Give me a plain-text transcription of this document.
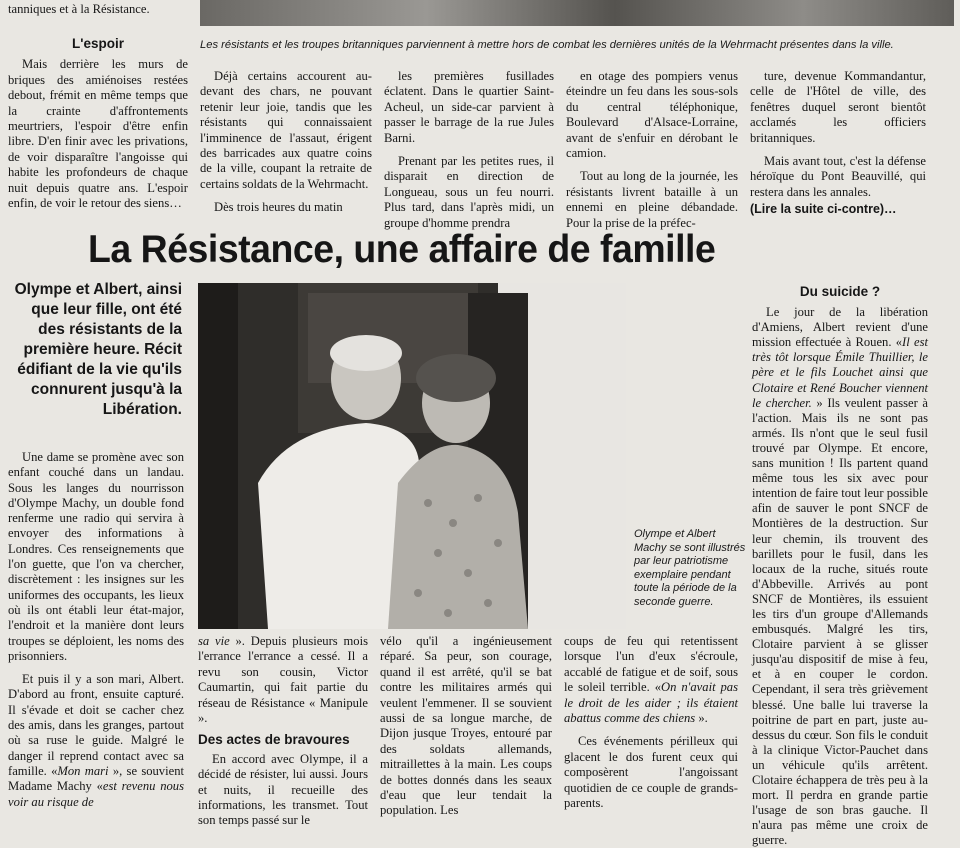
tanniques et à la Résistance.

Les résistants et les troupes britanniques parviennent à mettre hors de combat les dernières unités de la Wehrmacht présentes dans la ville.
L'espoir

Mais derrière les murs de briques des amiénoises restées debout, frémit en même temps que la crainte d'affrontements meurtriers, l'espoir d'être enfin libre. D'en finir avec les privations, de voir disparaître l'angoisse qui habite les profondeurs de chaque nuit depuis quatre ans. L'espoir enfin, de voir le retour des siens…

Déjà certains accourent au-devant des chars, ne pouvant retenir leur joie, tandis que les résistants qui connaissaient l'imminence de l'assaut, érigent des barricades aux quatre coins de la ville, coupant la retraite de certains soldats de la Wehrmacht.

Dès trois heures du matin

les premières fusillades éclatent. Dans le quartier Saint-Acheul, un side-car parvient à passer le barrage de la rue Jules Barni.

Prenant par les petites rues, il disparait en direction de Longueau, sous un feu nourri. Plus tard, dans l'après midi, un groupe d'homme prendra

en otage des pompiers venus éteindre un feu dans les sous-sols du central téléphonique, Boulevard d'Alsace-Lorraine, avant de s'enfuir en dérobant le camion.

Tout au long de la journée, les résistants livrent bataille à un ennemi en pleine débandade. Pour la prise de la préfec-

ture, devenue Kommandantur, celle de l'Hôtel de ville, des fenêtres duquel seront bientôt acclamés les officiers britanniques.

Mais avant tout, c'est la défense héroïque du Pont Beauvillé, qui restera dans les annales.

(Lire la suite ci-contre)…
La Résistance, une affaire de famille
Olympe et Albert, ainsi que leur fille, ont été des résistants de la première heure. Récit édifiant de la vie qu'ils connurent jusqu'à la Libération.

Une dame se promène avec son enfant couché dans un landau. Sous les langes du nourrisson d'Olympe Machy, un double fond renferme une radio qui servira à envoyer des informations à Londres. Ces renseignements que l'on guette, que l'on va chercher, discrètement : les insignes sur les uniformes des occupants, les lieux où ils ont établi leur état-major, l'endroit et la manière dont leurs troupes se déploient, les noms des prisonniers.

Et puis il y a son mari, Albert. D'abord au front, ensuite capturé. Il s'évade et doit se cacher chez des amis, dans les granges, partout où sa ruse le guide. Malgré le danger il reprend contact avec sa famille. «Mon mari », se souvient Madame Machy «est revenu nous voir au risque de

Olympe et Albert Machy se sont illustrés par leur patriotisme exemplaire pendant toute la période de la seconde guerre.

sa vie ». Depuis plusieurs mois l'errance l'errance a cessé. Il a revu son cousin, Victor Caumartin, qui fait partie du réseau de Résistance « Manipule ».

Des actes de bravoures

En accord avec Olympe, il a décidé de résister, lui aussi. Jours et nuits, il recueille des informations, les transmet. Tout son temps passé sur le

vélo qu'il a ingénieusement réparé. Sa peur, son courage, quand il est arrêté, qu'il se bat contre les militaires armés qui veulent l'emmener. Il se souvient aussi de sa longue marche, de Dijon jusque Troyes, entouré par des soldats allemands, mitraillettes à la main. Les coups de bottes donnés dans les seaux d'eau que leur tendait la population. Les

coups de feu qui retentissent lorsque l'un d'eux s'écroule, accablé de fatigue et de soif, sous le soleil terrible. «On n'avait pas le droit de les aider ; ils étaient abattus comme des chiens ».

Ces événements périlleux qui glacent le dos furent ceux qui composèrent l'angoissant quotidien de ce couple de grands-parents.

Du suicide ?

Le jour de la libération d'Amiens, Albert revient d'une mission effectuée à Rouen. «Il est très tôt lorsque Émile Thuillier, le père et le fils Louchet ainsi que Clotaire et René Boucher viennent le chercher. » Ils veulent passer à l'action. Mais ils ne sont pas armés. Ils n'ont que le seul fusil trouvé par Olympe. Et encore, sans munition ! Ils partent quand même tous les six avec pour intention de faire tout leur possible afin de sauver le pont SNCF de Montières de la destruction. Sur leur chemin, ils trouvent des barillets pour le fusil, dans les locaux de la ruche, situés route d'Abbeville. Arrivés au pont SNCF de Montières, ils essuient les tirs d'un groupe d'Allemands embusqués. Malgré les tirs, Clotaire parvient à se glisser jusqu'au dispositif de mise à feu, et à en couper le cordon. Cependant, il sera très grièvement blessé. Une balle lui traverse la poitrine de part en part, juste au-dessus du cœur. Son fils le conduit à la clinique Victor-Pauchet dans un véhicule qu'ils arrêtent. Clotaire échappera de très peu à la mort. Il perdra en grande partie l'usage de son bras gauche. Il n'aura pas même une croix de guerre.
